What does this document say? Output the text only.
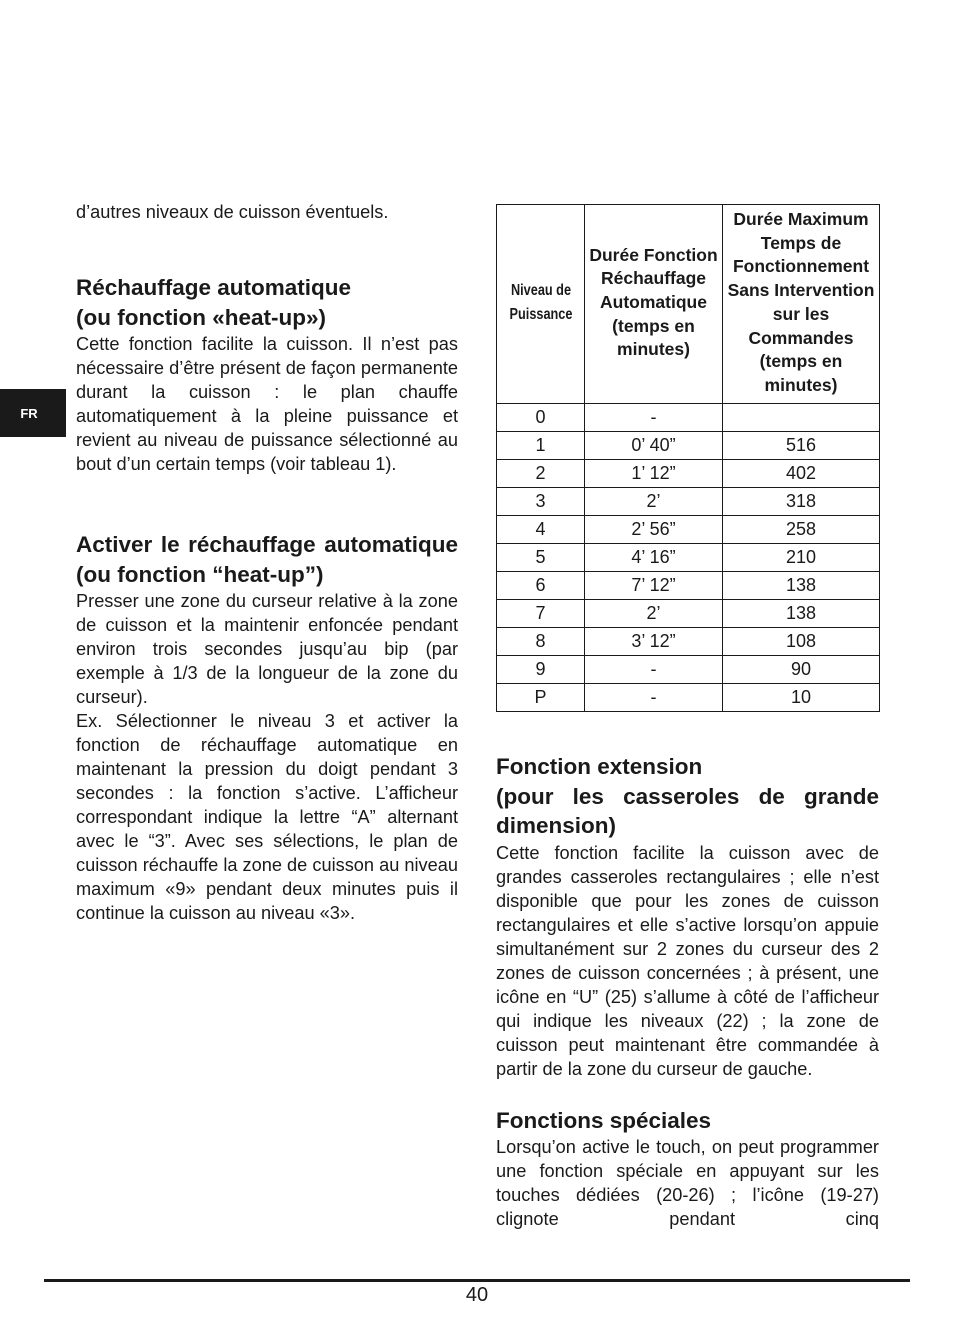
FR

d’autres niveaux de cuisson éventuels.

Réchauffage automatique
(ou fonction «heat-up»)

Cette fonction facilite la cuisson. Il n’est pas nécessaire d’être présent de façon permanente durant la cuisson : le plan chauffe automatiquement à la pleine puissance et revient au niveau de puissance sélectionné au bout d’un certain temps (voir tableau 1).

Activer le réchauffage automatique (ou fonction “heat-up”)

Presser une zone du curseur relative à la zone de cuisson et la maintenir enfoncée pendant environ trois secondes jusqu’au bip (par exemple à 1/3 de la longueur de la zone du curseur).

Ex. Sélectionner le niveau 3 et activer la fonction de réchauffage automatique en maintenant la pression du doigt pendant 3 secondes : la fonction s’active. L’afficheur correspondant indique la lettre “A” alternant avec le “3”. Avec ses sélections, le plan de cuisson réchauffe la zone de cuisson au niveau maximum «9» pendant deux minutes puis il continue la cuisson au niveau «3».

Niveau de Puissance	Durée Fonction Réchauffage Automatique (temps en minutes)	Durée Maximum Temps de Fonctionnement Sans Intervention sur les Commandes (temps en minutes)
0	-	
1	0’ 40”	516
2	1’ 12”	402
3	2’	318
4	2’ 56”	258
5	4’ 16”	210
6	7’ 12”	138
7	2’	138
8	3’ 12”	108
9	-	90
P	-	10
Fonction extension
(pour les casseroles de grande dimension)

Cette fonction facilite la cuisson avec de grandes casseroles rectangulaires ; elle n’est disponible que pour les zones de cuisson rectangulaires et elle s’active lorsqu’on appuie simultanément sur 2 zones du curseur des 2 zones de cuisson concernées ; à présent, une icône en “U” (25) s’allume à côté de l’afficheur qui indique les niveaux (22) ; la zone de cuisson peut maintenant être commandée à partir de la zone du curseur de gauche.

Fonctions spéciales

Lorsqu’on active le touch, on peut programmer une fonction spéciale en appuyant sur les touches dédiées (20-26) ; l’icône (19-27) clignote pendant cinq

40
